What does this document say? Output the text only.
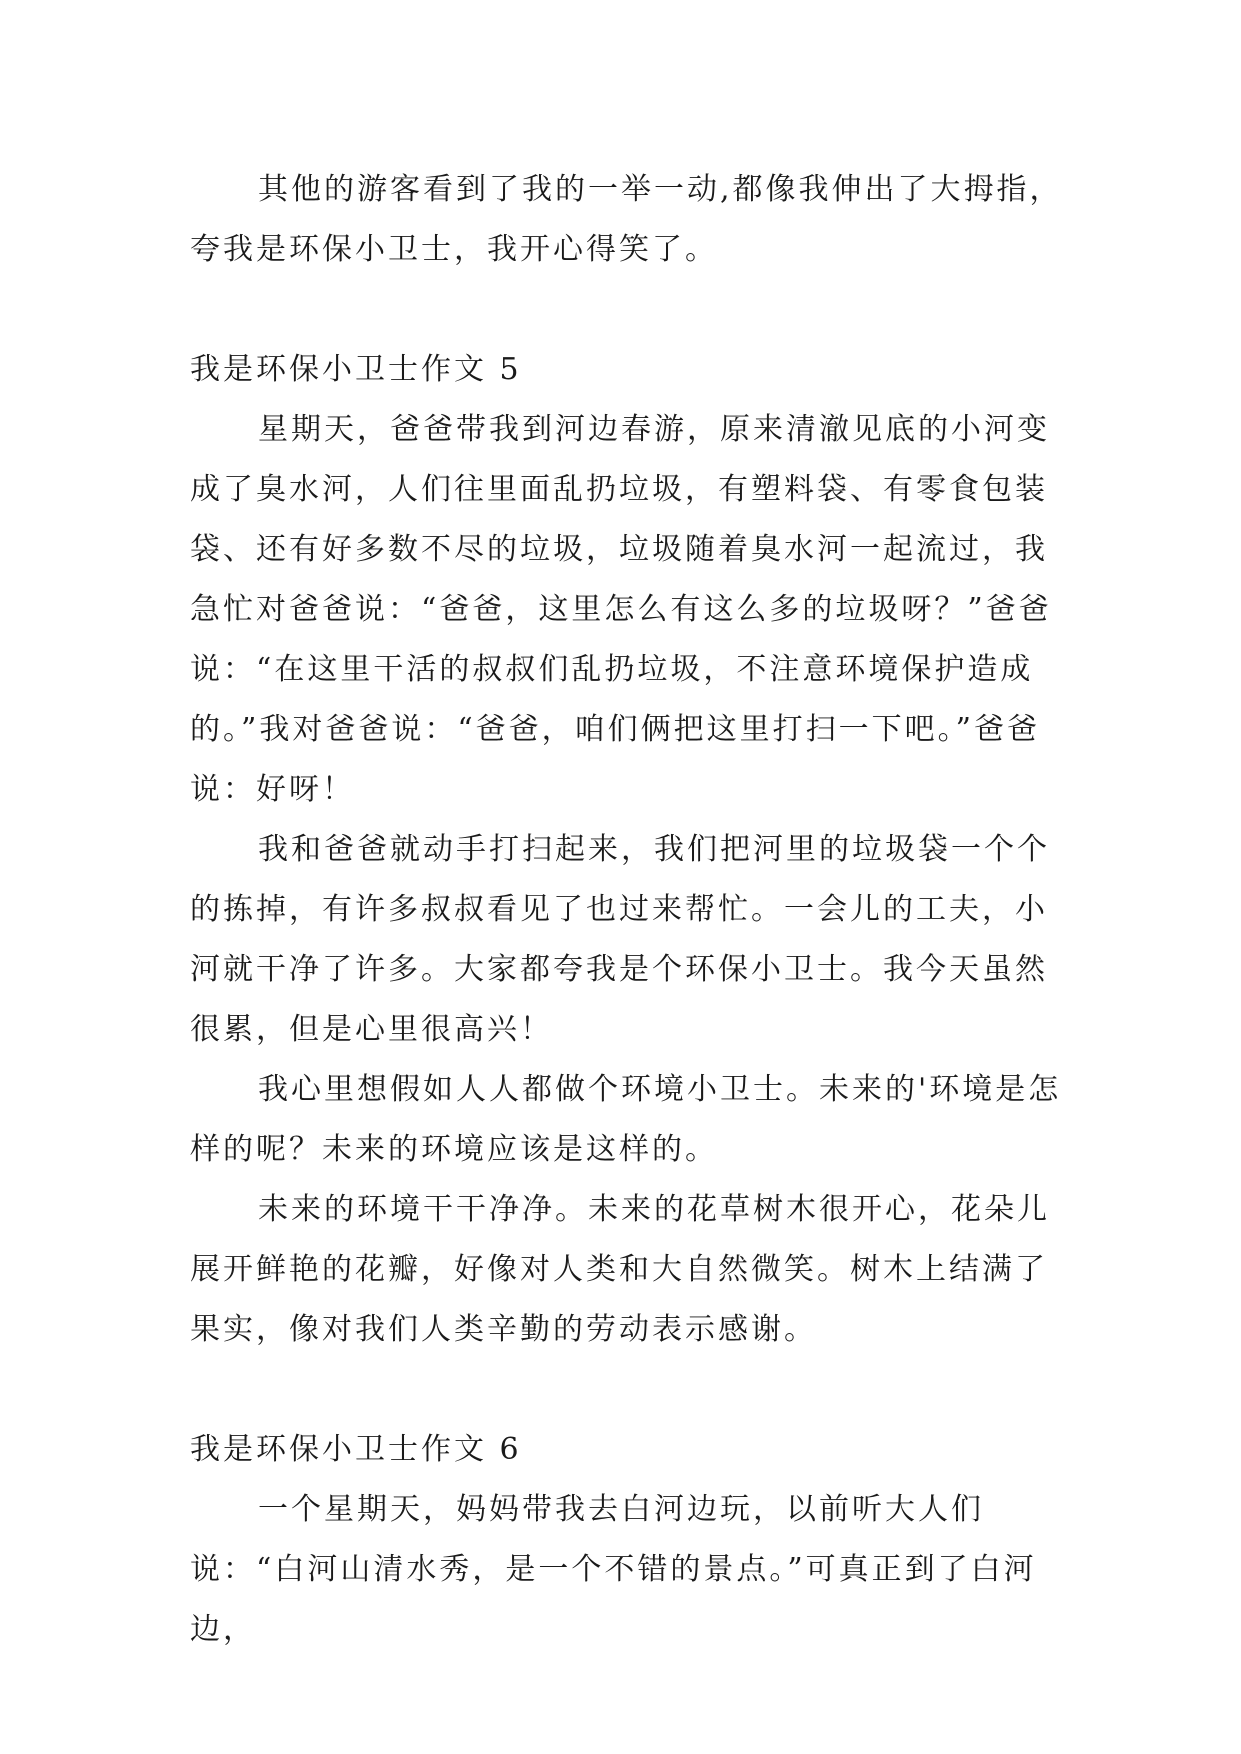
其他的游客看到了我的一举一动,都像我伸出了大拇指，夸我是环保小卫士，我开心得笑了。

我是环保小卫士作文 5

星期天，爸爸带我到河边春游，原来清澈见底的小河变成了臭水河，人们往里面乱扔垃圾，有塑料袋、有零食包装袋、还有好多数不尽的垃圾，垃圾随着臭水河一起流过，我急忙对爸爸说：“爸爸，这里怎么有这么多的垃圾呀？”爸爸说：“在这里干活的叔叔们乱扔垃圾，不注意环境保护造成的。”我对爸爸说：“爸爸，咱们俩把这里打扫一下吧。”爸爸说：好呀！

我和爸爸就动手打扫起来，我们把河里的垃圾袋一个个的拣掉，有许多叔叔看见了也过来帮忙。一会儿的工夫，小河就干净了许多。大家都夸我是个环保小卫士。我今天虽然很累，但是心里很高兴！

我心里想假如人人都做个环境小卫士。未来的'环境是怎样的呢？未来的环境应该是这样的。

未来的环境干干净净。未来的花草树木很开心，花朵儿展开鲜艳的花瓣，好像对人类和大自然微笑。树木上结满了果实，像对我们人类辛勤的劳动表示感谢。

我是环保小卫士作文 6

一个星期天，妈妈带我去白河边玩，以前听大人们说：“白河山清水秀，是一个不错的景点。”可真正到了白河边，
